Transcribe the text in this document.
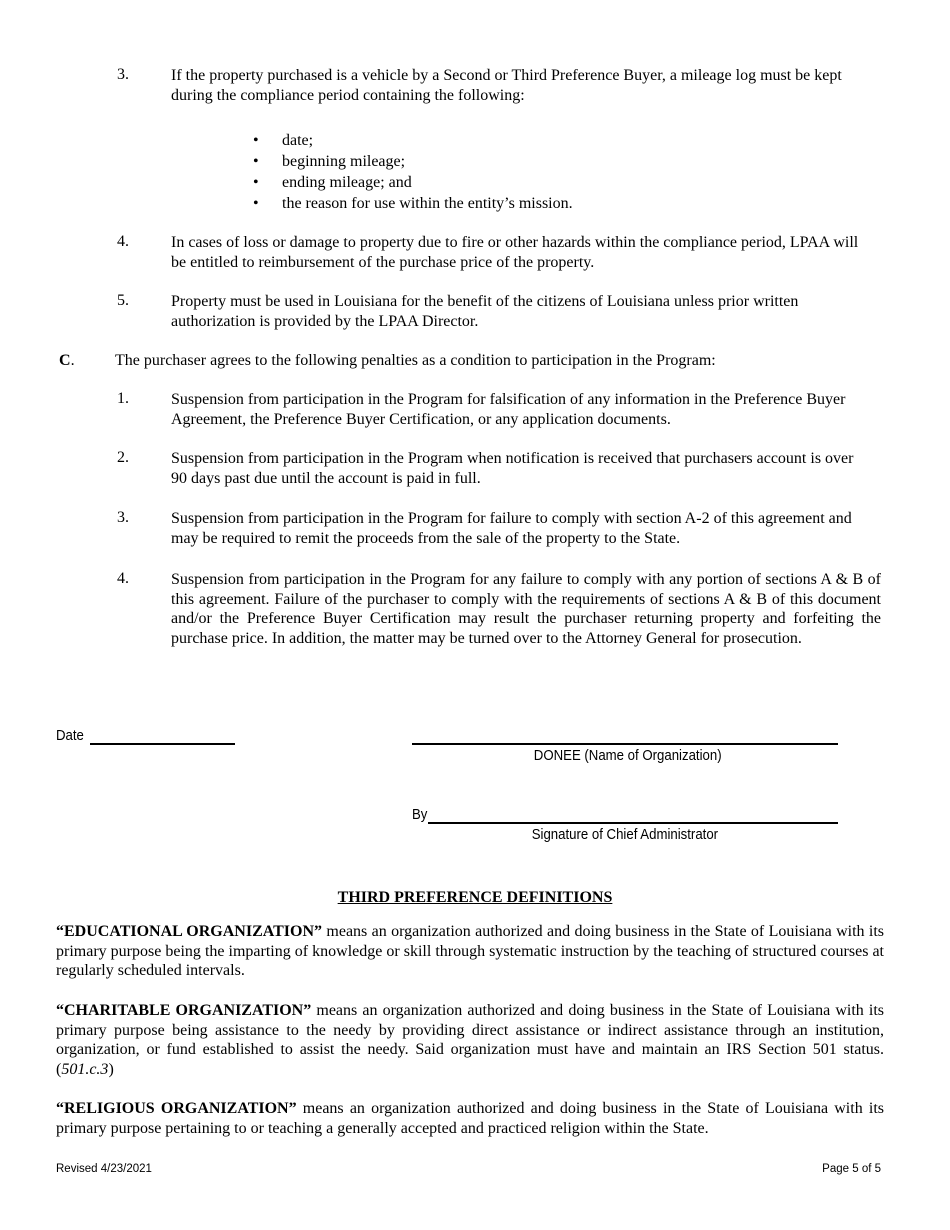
3.	If the property purchased is a vehicle by a Second or Third Preference Buyer, a mileage log must be kept during the compliance period containing the following:
• date;
• beginning mileage;
• ending mileage; and
• the reason for use within the entity’s mission.
4.	In cases of loss or damage to property due to fire or other hazards within the compliance period, LPAA will be entitled to reimbursement of the purchase price of the property.
5.	Property must be used in Louisiana for the benefit of the citizens of Louisiana unless prior written authorization is provided by the LPAA Director.
C.	The purchaser agrees to the following penalties as a condition to participation in the Program:
1.	Suspension from participation in the Program for falsification of any information in the Preference Buyer Agreement, the Preference Buyer Certification, or any application documents.
2.	Suspension from participation in the Program when notification is received that purchasers account is over 90 days past due until the account is paid in full.
3.	Suspension from participation in the Program for failure to comply with section A-2 of this agreement and may be required to remit the proceeds from the sale of the property to the State.
4.	Suspension from participation in the Program for any failure to comply with any portion of sections A & B of this agreement. Failure of the purchaser to comply with the requirements of sections A & B of this document and/or the Preference Buyer Certification may result the purchaser returning property and forfeiting the purchase price. In addition, the matter may be turned over to the Attorney General for prosecution.
Date
DONEE (Name of Organization)
By
Signature of Chief Administrator
THIRD PREFERENCE DEFINITIONS
“EDUCATIONAL ORGANIZATION” means an organization authorized and doing business in the State of Louisiana with its primary purpose being the imparting of knowledge or skill through systematic instruction by the teaching of structured courses at regularly scheduled intervals.
“CHARITABLE ORGANIZATION” means an organization authorized and doing business in the State of Louisiana with its primary purpose being assistance to the needy by providing direct assistance or indirect assistance through an institution, organization, or fund established to assist the needy. Said organization must have and maintain an IRS Section 501 status. (501.c.3)
“RELIGIOUS ORGANIZATION” means an organization authorized and doing business in the State of Louisiana with its primary purpose pertaining to or teaching a generally accepted and practiced religion within the State.
Revised 4/23/2021	Page 5 of 5
